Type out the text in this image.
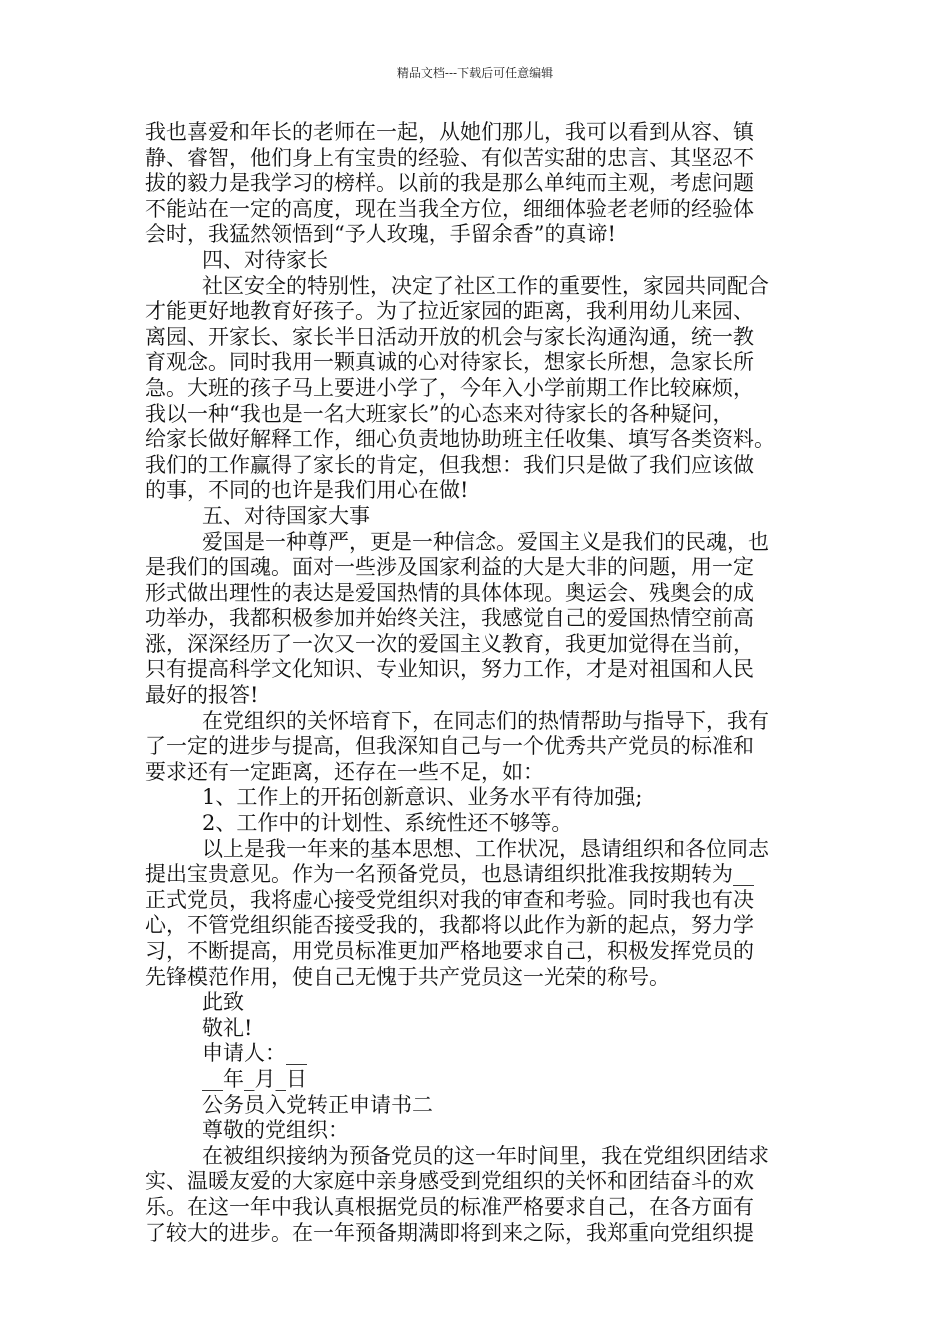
精品文档---下载后可任意编辑
我也喜爱和年长的老师在一起，从她们那儿，我可以看到从容、镇
静、睿智，他们身上有宝贵的经验、有似苦实甜的忠言、其坚忍不
拔的毅力是我学习的榜样。以前的我是那么单纯而主观，考虑问题
不能站在一定的高度，现在当我全方位，细细体验老老师的经验体
会时，我猛然领悟到“予人玫瑰，手留余香”的真谛!
四、对待家长
社区安全的特别性，决定了社区工作的重要性，家园共同配合
才能更好地教育好孩子。为了拉近家园的距离，我利用幼儿来园、
离园、开家长、家长半日活动开放的机会与家长沟通沟通，统一教
育观念。同时我用一颗真诚的心对待家长，想家长所想，急家长所
急。大班的孩子马上要进小学了，今年入小学前期工作比较麻烦，
我以一种“我也是一名大班家长”的心态来对待家长的各种疑问，
给家长做好解释工作，细心负责地协助班主任收集、填写各类资料。
我们的工作赢得了家长的肯定，但我想：我们只是做了我们应该做
的事，不同的也许是我们用心在做!
五、对待国家大事
爱国是一种尊严，更是一种信念。爱国主义是我们的民魂，也
是我们的国魂。面对一些涉及国家利益的大是大非的问题，用一定
形式做出理性的表达是爱国热情的具体体现。奥运会、残奥会的成
功举办，我都积极参加并始终关注，我感觉自己的爱国热情空前高
涨，深深经历了一次又一次的爱国主义教育，我更加觉得在当前，
只有提高科学文化知识、专业知识，努力工作，才是对祖国和人民
最好的报答!
在党组织的关怀培育下，在同志们的热情帮助与指导下，我有
了一定的进步与提高，但我深知自己与一个优秀共产党员的标准和
要求还有一定距离，还存在一些不足，如：
1、工作上的开拓创新意识、业务水平有待加强;
2、工作中的计划性、系统性还不够等。
以上是我一年来的基本思想、工作状况，恳请组织和各位同志
提出宝贵意见。作为一名预备党员，也恳请组织批准我按期转为__
正式党员，我将虚心接受党组织对我的审查和考验。同时我也有决
心，不管党组织能否接受我的，我都将以此作为新的起点，努力学
习，不断提高，用党员标准更加严格地要求自己，积极发挥党员的
先锋模范作用，使自己无愧于共产党员这一光荣的称号。
此致
敬礼!
申请人：__
__年_月_日
公务员入党转正申请书二
尊敬的党组织：
在被组织接纳为预备党员的这一年时间里，我在党组织团结求
实、温暖友爱的大家庭中亲身感受到党组织的关怀和团结奋斗的欢
乐。在这一年中我认真根据党员的标准严格要求自己，在各方面有
了较大的进步。在一年预备期满即将到来之际，我郑重向党组织提
